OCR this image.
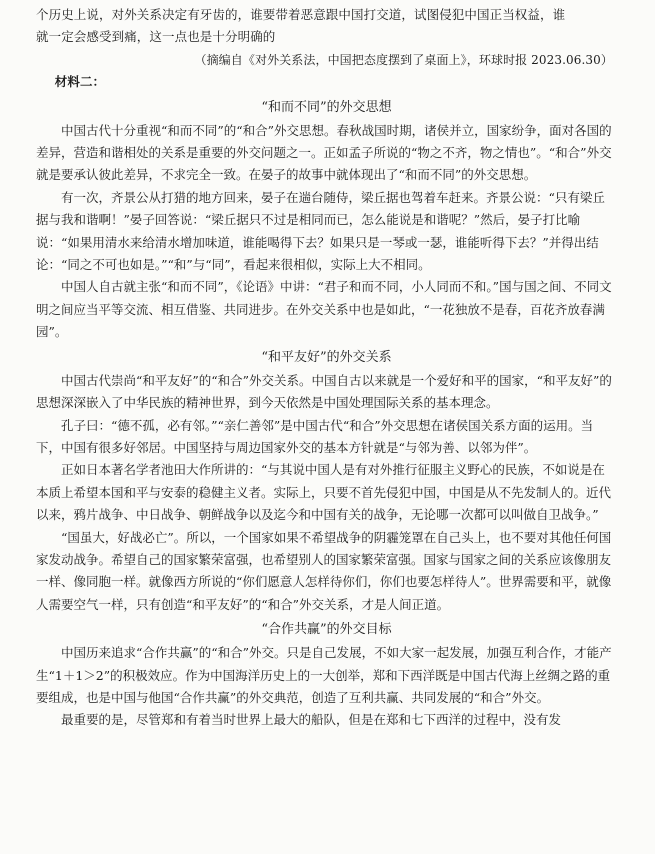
个历史上说，对外关系决定有牙齿的，谁要带着恶意跟中国打交道，试图侵犯中国正当权益，谁
就一定会感受到痛，这一点也是十分明确的
（摘编自《对外关系法，中国把态度摆到了桌面上》，环球时报 2023.06.30）
材料二：
“和而不同”的外交思想

中国古代十分重视“和而不同”的“和合”外交思想。春秋战国时期，诸侯并立，国家纷争，面对各国的差异，营造和谐相处的关系是重要的外交问题之一。正如孟子所说的“物之不齐，物之情也”。“和合”外交就是要承认彼此差异，不求完全一致。在晏子的故事中就体现出了“和而不同”的外交思想。

有一次，齐景公从打猎的地方回来，晏子在遄台随侍，梁丘据也驾着车赶来。齐景公说：“只有梁丘据与我和谐啊！”晏子回答说：“梁丘据只不过是相同而已，怎么能说是和谐呢？”然后，晏子打比喻说：“如果用清水来给清水增加味道，谁能喝得下去？如果只是一琴或一瑟，谁能听得下去？”并得出结论：“同之不可也如是。”“和”与“同”，看起来很相似，实际上大不相同。

中国人自古就主张“和而不同”，《论语》中讲：“君子和而不同，小人同而不和。”国与国之间、不同文明之间应当平等交流、相互借鉴、共同进步。在外交关系中也是如此，“一花独放不是春，百花齐放春满园”。

“和平友好”的外交关系

中国古代崇尚“和平友好”的“和合”外交关系。中国自古以来就是一个爱好和平的国家，“和平友好”的思想深深嵌入了中华民族的精神世界，到今天依然是中国处理国际关系的基本理念。

孔子曰：“德不孤，必有邻。”“亲仁善邻”是中国古代“和合”外交思想在诸侯国关系方面的运用。当下，中国有很多好邻居。中国坚持与周边国家外交的基本方针就是“与邻为善、以邻为伴”。

正如日本著名学者池田大作所讲的：“与其说中国人是有对外推行征服主义野心的民族，不如说是在本质上希望本国和平与安泰的稳健主义者。实际上，只要不首先侵犯中国，中国是从不先发制人的。近代以来，鸦片战争、中日战争、朝鲜战争以及迄今和中国有关的战争，无论哪一次都可以叫做自卫战争。”

“国虽大，好战必亡”。所以，一个国家如果不希望战争的阴霾笼罩在自己头上，也不要对其他任何国家发动战争。希望自己的国家繁荣富强，也希望别人的国家繁荣富强。国家与国家之间的关系应该像朋友一样、像同胞一样。就像西方所说的“你们愿意人怎样待你们，你们也要怎样待人”。世界需要和平，就像人需要空气一样，只有创造“和平友好”的“和合”外交关系，才是人间正道。

“合作共赢”的外交目标

中国历来追求“合作共赢”的“和合”外交。只是自己发展，不如大家一起发展，加强互利合作，才能产生“1＋1＞2”的积极效应。作为中国海洋历史上的一大创举，郑和下西洋既是中国古代海上丝绸之路的重要组成，也是中国与他国“合作共赢”的外交典范，创造了互利共赢、共同发展的“和合”外交。

最重要的是，尽管郑和有着当时世界上最大的船队，但是在郑和七下西洋的过程中，没有发
